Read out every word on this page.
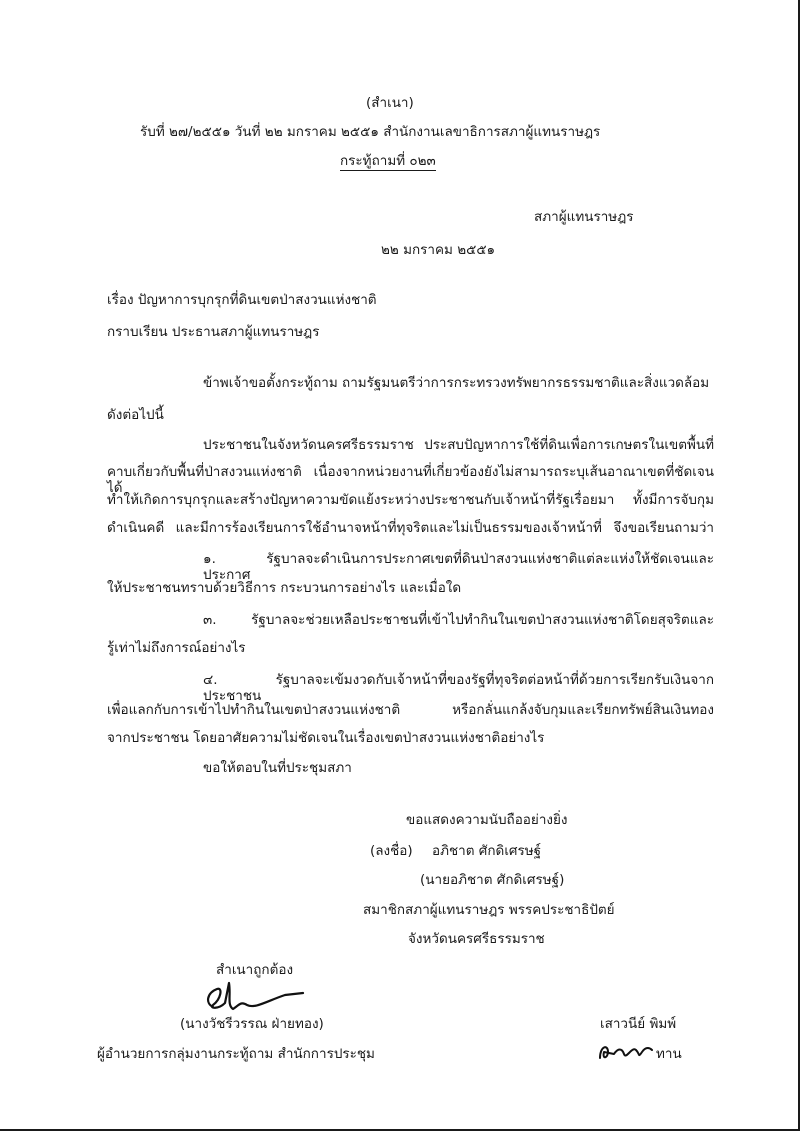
(สำเนา)
รับที่ ๒๗/๒๕๕๑ วันที่ ๒๒ มกราคม ๒๕๕๑ สำนักงานเลขาธิการสภาผู้แทนราษฎร
กระทู้ถามที่ ๐๒๓
สภาผู้แทนราษฎร
๒๒ มกราคม ๒๕๕๑
เรื่อง ปัญหาการบุกรุกที่ดินเขตป่าสงวนแห่งชาติ
กราบเรียน ประธานสภาผู้แทนราษฎร
ข้าพเจ้าขอตั้งกระทู้ถาม ถามรัฐมนตรีว่าการกระทรวงทรัพยากรธรรมชาติและสิ่งแวดล้อม
ดังต่อไปนี้
ประชาชนในจังหวัดนครศรีธรรมราช ประสบปัญหาการใช้ที่ดินเพื่อการเกษตรในเขตพื้นที่
คาบเกี่ยวกับพื้นที่ป่าสงวนแห่งชาติ เนื่องจากหน่วยงานที่เกี่ยวข้องยังไม่สามารถระบุเส้นอาณาเขตที่ชัดเจนได้
ทำให้เกิดการบุกรุกและสร้างปัญหาความขัดแย้งระหว่างประชาชนกับเจ้าหน้าที่รัฐเรื่อยมา ทั้งมีการจับกุม
ดำเนินคดี และมีการร้องเรียนการใช้อำนาจหน้าที่ทุจริตและไม่เป็นธรรมของเจ้าหน้าที่ จึงขอเรียนถามว่า
๑. รัฐบาลจะดำเนินการประกาศเขตที่ดินป่าสงวนแห่งชาติแต่ละแห่งให้ชัดเจนและประกาศ
ให้ประชาชนทราบด้วยวิธีการ กระบวนการอย่างไร และเมื่อใด
๓. รัฐบาลจะช่วยเหลือประชาชนที่เข้าไปทำกินในเขตป่าสงวนแห่งชาติโดยสุจริตและ
รู้เท่าไม่ถึงการณ์อย่างไร
๔. รัฐบาลจะเข้มงวดกับเจ้าหน้าที่ของรัฐที่ทุจริตต่อหน้าที่ด้วยการเรียกรับเงินจากประชาชน
เพื่อแลกกับการเข้าไปทำกินในเขตป่าสงวนแห่งชาติ หรือกลั่นแกล้งจับกุมและเรียกทรัพย์สินเงินทอง
จากประชาชน โดยอาศัยความไม่ชัดเจนในเรื่องเขตป่าสงวนแห่งชาติอย่างไร
ขอให้ตอบในที่ประชุมสภา
ขอแสดงความนับถืออย่างยิ่ง
(ลงชื่อ) อภิชาต ศักดิเศรษฐ์
(นายอภิชาต ศักดิเศรษฐ์)
สมาชิกสภาผู้แทนราษฎร พรรคประชาธิปัตย์
จังหวัดนครศรีธรรมราช
สำเนาถูกต้อง
(นางวัชรีวรรณ ฝ่ายทอง)
ผู้อำนวยการกลุ่มงานกระทู้ถาม สำนักการประชุม
เสาวนีย์ พิมพ์
ทาน
